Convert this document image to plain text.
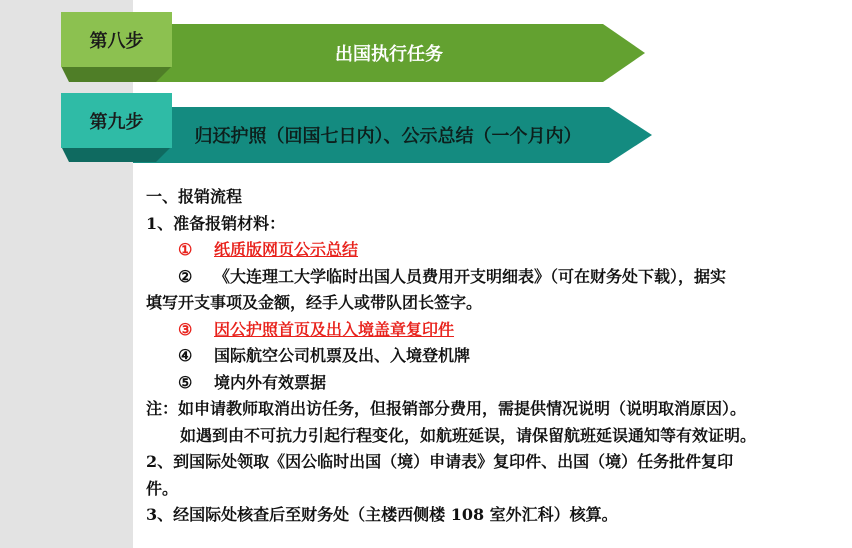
出国执行任务
第八步
归还护照（回国七日内）、公示总结（一个月内）
第九步

一、报销流程

1、准备报销材料：

① 纸质版网页公示总结

② 《大连理工大学临时出国人员费用开支明细表》（可在财务处下载），据实

填写开支事项及金额，经手人或带队团长签字。

③ 因公护照首页及出入境盖章复印件

④ 国际航空公司机票及出、入境登机牌

⑤ 境内外有效票据

注：如申请教师取消出访任务，但报销部分费用，需提供情况说明（说明取消原因）。

如遇到由不可抗力引起行程变化，如航班延误，请保留航班延误通知等有效证明。

2、到国际处领取《因公临时出国（境）申请表》复印件、出国（境）任务批件复印

件。

3、经国际处核查后至财务处（主楼西侧楼 108 室外汇科）核算。
